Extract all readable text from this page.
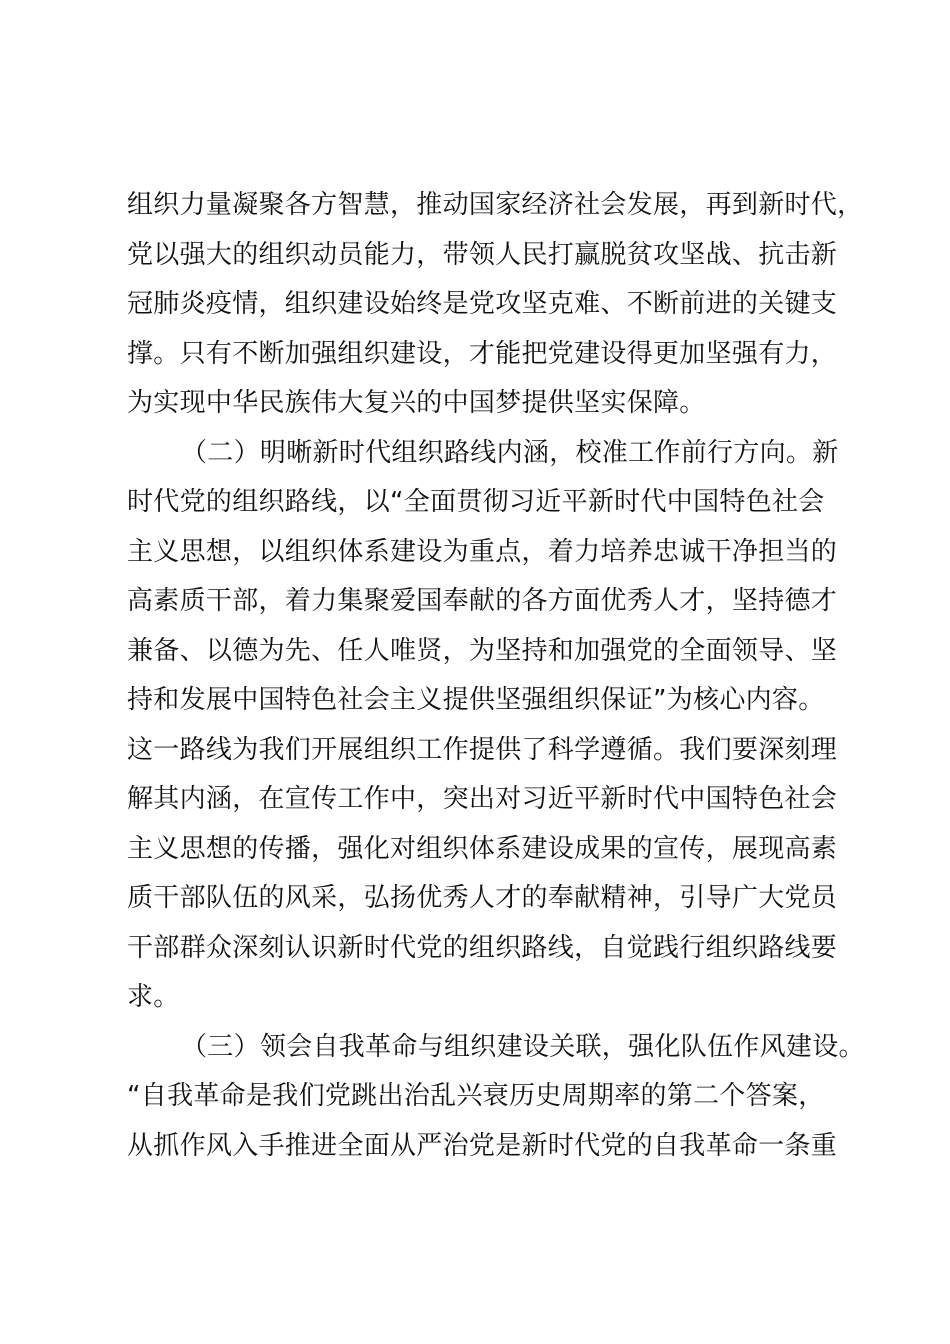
组织力量凝聚各方智慧，推动国家经济社会发展，再到新时代，
党以强大的组织动员能力，带领人民打赢脱贫攻坚战、抗击新
冠肺炎疫情，组织建设始终是党攻坚克难、不断前进的关键支
撑。只有不断加强组织建设，才能把党建设得更加坚强有力，
为实现中华民族伟大复兴的中国梦提供坚实保障。
（二）明晰新时代组织路线内涵，校准工作前行方向。新
时代党的组织路线，以“全面贯彻习近平新时代中国特色社会
主义思想，以组织体系建设为重点，着力培养忠诚干净担当的
高素质干部，着力集聚爱国奉献的各方面优秀人才，坚持德才
兼备、以德为先、任人唯贤，为坚持和加强党的全面领导、坚
持和发展中国特色社会主义提供坚强组织保证”为核心内容。
这一路线为我们开展组织工作提供了科学遵循。我们要深刻理
解其内涵，在宣传工作中，突出对习近平新时代中国特色社会
主义思想的传播，强化对组织体系建设成果的宣传，展现高素
质干部队伍的风采，弘扬优秀人才的奉献精神，引导广大党员
干部群众深刻认识新时代党的组织路线，自觉践行组织路线要
求。
（三）领会自我革命与组织建设关联，强化队伍作风建设。
“自我革命是我们党跳出治乱兴衰历史周期率的第二个答案，
从抓作风入手推进全面从严治党是新时代党的自我革命一条重
